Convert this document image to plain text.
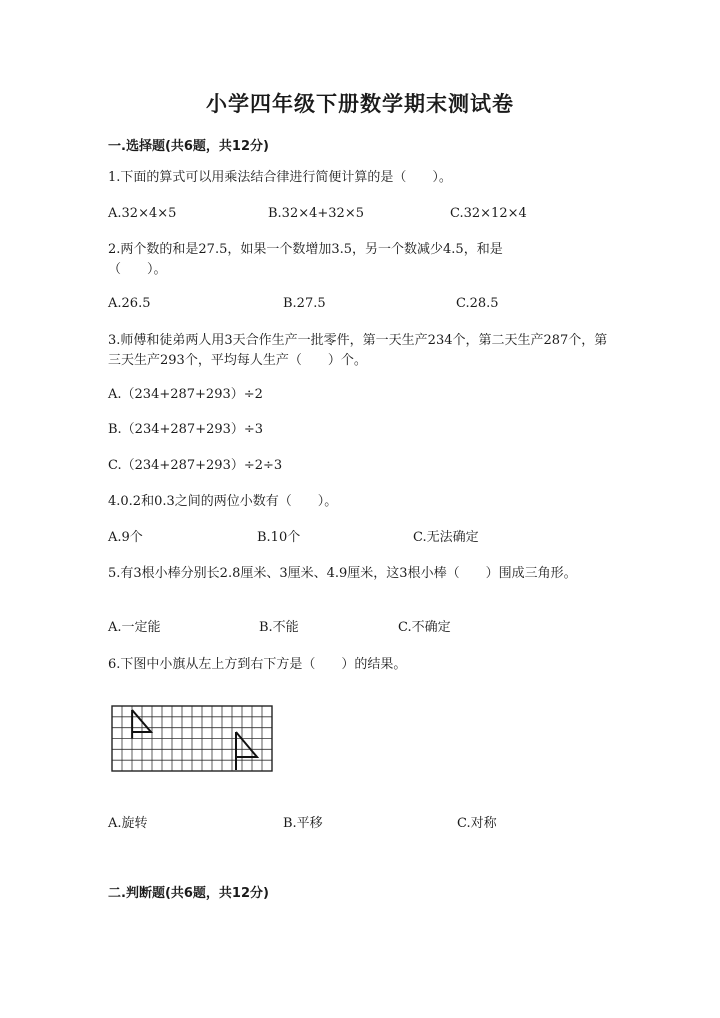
小学四年级下册数学期末测试卷
一.选择题(共6题，共12分)
1.下面的算式可以用乘法结合律进行简便计算的是（　　）。
A.32×4×5	B.32×4+32×5	C.32×12×4
2.两个数的和是27.5，如果一个数增加3.5，另一个数减少4.5，和是（　　）。
A.26.5	B.27.5	C.28.5
3.师傅和徒弟两人用3天合作生产一批零件，第一天生产234个，第二天生产287个，第三天生产293个，平均每人生产（　　）个。
A.（234+287+293）÷2
B.（234+287+293）÷3
C.（234+287+293）÷2÷3
4.0.2和0.3之间的两位小数有（　　）。
A.9个	B.10个	C.无法确定
5.有3根小棒分别长2.8厘米、3厘米、4.9厘米，这3根小棒（　　）围成三角形。
A.一定能	B.不能	C.不确定
6.下图中小旗从左上方到右下方是（　　）的结果。
A.旋转	B.平移	C.对称
二.判断题(共6题，共12分)
